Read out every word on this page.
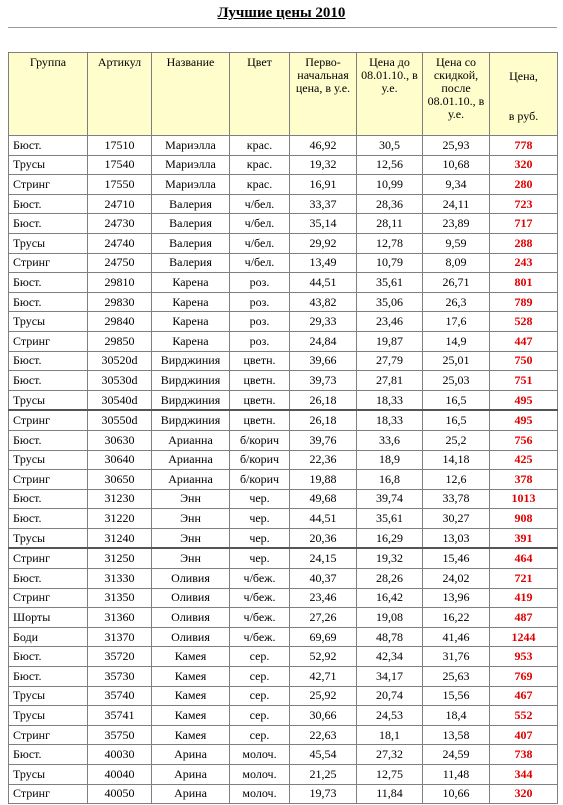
Лучшие цены 2010
Группа	Артикул	Название	Цвет	Перво-начальная цена, в у.е.	Цена до 08.01.10., в у.е.	Цена со скидкой, после 08.01.10., в у.е.	Цена,
в руб.

Бюст.	17510	Мариэлла	крас.	46,92	30,5	25,93	778
Трусы	17540	Мариэлла	крас.	19,32	12,56	10,68	320
Стринг	17550	Мариэлла	крас.	16,91	10,99	9,34	280
Бюст.	24710	Валерия	ч/бел.	33,37	28,36	24,11	723
Бюст.	24730	Валерия	ч/бел.	35,14	28,11	23,89	717
Трусы	24740	Валерия	ч/бел.	29,92	12,78	9,59	288
Стринг	24750	Валерия	ч/бел.	13,49	10,79	8,09	243
Бюст.	29810	Карена	роз.	44,51	35,61	26,71	801
Бюст.	29830	Карена	роз.	43,82	35,06	26,3	789
Трусы	29840	Карена	роз.	29,33	23,46	17,6	528
Стринг	29850	Карена	роз.	24,84	19,87	14,9	447
Бюст.	30520d	Вирджиния	цветн.	39,66	27,79	25,01	750
Бюст.	30530d	Вирджиния	цветн.	39,73	27,81	25,03	751
Трусы	30540d	Вирджиния	цветн.	26,18	18,33	16,5	495
Стринг	30550d	Вирджиния	цветн.	26,18	18,33	16,5	495
Бюст.	30630	Арианна	б/корич	39,76	33,6	25,2	756
Трусы	30640	Арианна	б/корич	22,36	18,9	14,18	425
Стринг	30650	Арианна	б/корич	19,88	16,8	12,6	378
Бюст.	31230	Энн	чер.	49,68	39,74	33,78	1013
Бюст.	31220	Энн	чер.	44,51	35,61	30,27	908
Трусы	31240	Энн	чер.	20,36	16,29	13,03	391
Стринг	31250	Энн	чер.	24,15	19,32	15,46	464
Бюст.	31330	Оливия	ч/беж.	40,37	28,26	24,02	721
Стринг	31350	Оливия	ч/беж.	23,46	16,42	13,96	419
Шорты	31360	Оливия	ч/беж.	27,26	19,08	16,22	487
Боди	31370	Оливия	ч/беж.	69,69	48,78	41,46	1244
Бюст.	35720	Камея	сер.	52,92	42,34	31,76	953
Бюст.	35730	Камея	сер.	42,71	34,17	25,63	769
Трусы	35740	Камея	сер.	25,92	20,74	15,56	467
Трусы	35741	Камея	сер.	30,66	24,53	18,4	552
Стринг	35750	Камея	сер.	22,63	18,1	13,58	407
Бюст.	40030	Арина	молоч.	45,54	27,32	24,59	738
Трусы	40040	Арина	молоч.	21,25	12,75	11,48	344
Стринг	40050	Арина	молоч.	19,73	11,84	10,66	320
